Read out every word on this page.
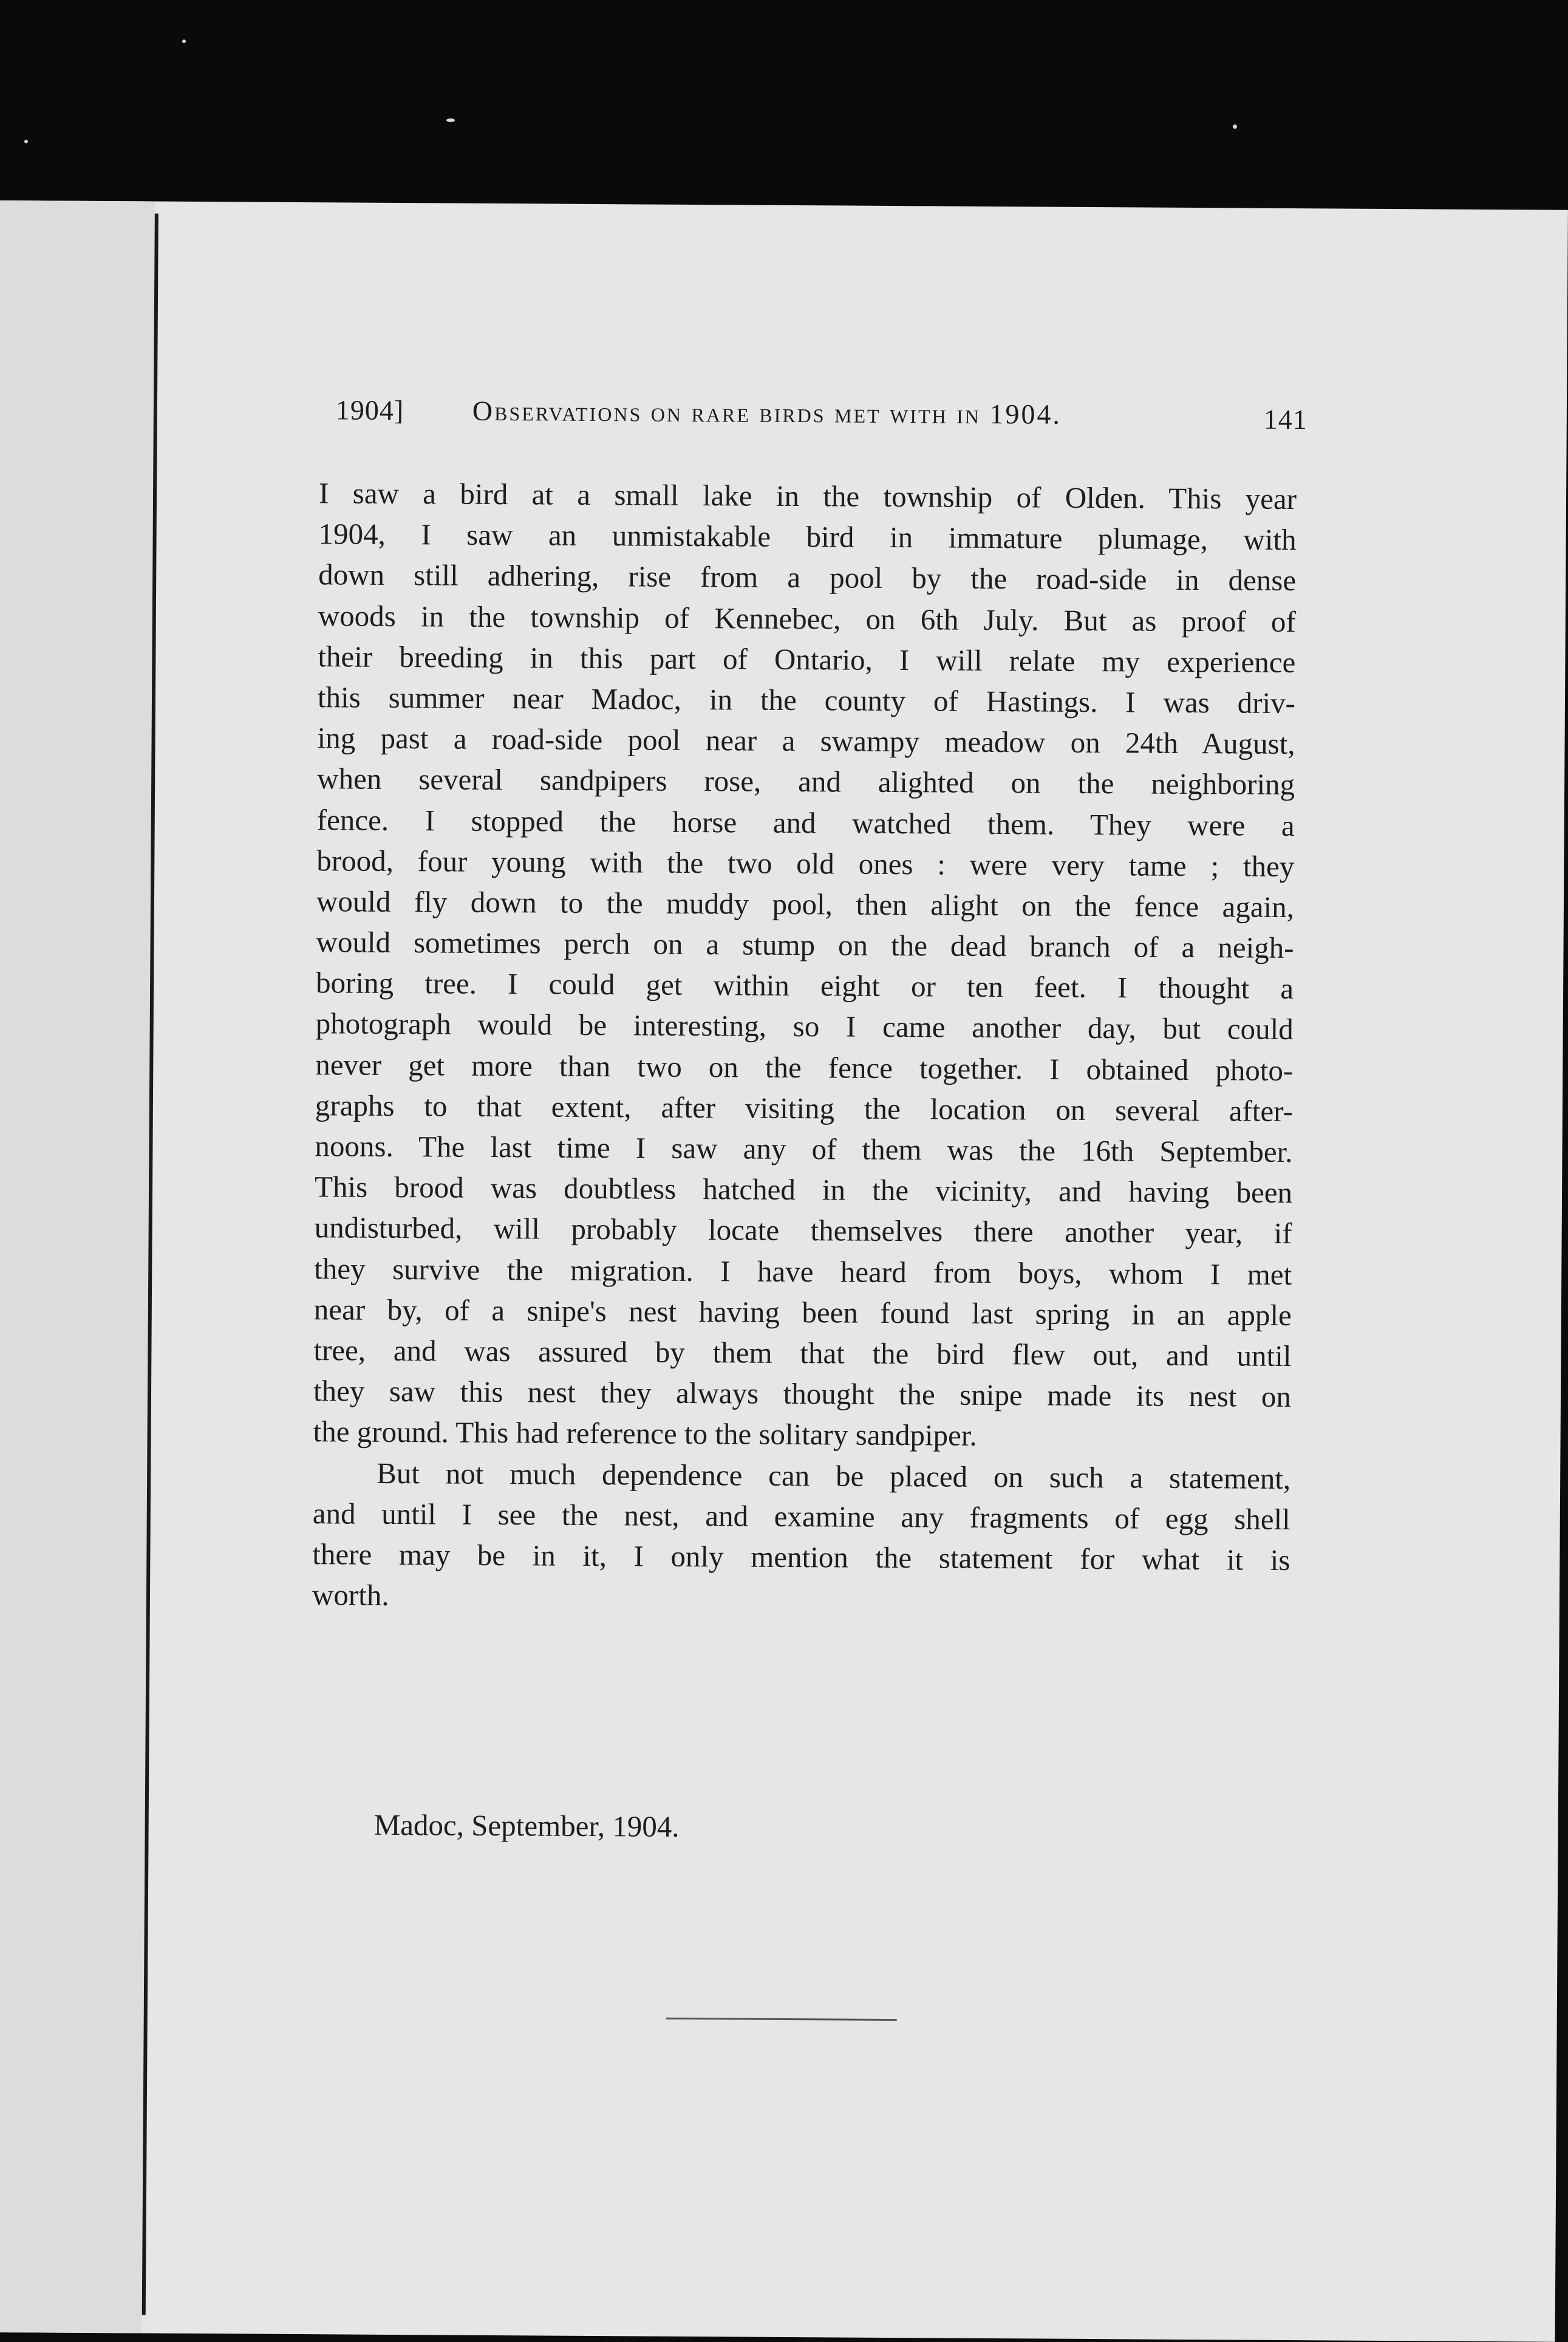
1904] Observations on rare birds met with in 1904.	141
I saw a bird at a small lake in the township of Olden. This year
1904, I saw an unmistakable bird in immature plumage, with
down still adhering, rise from a pool by the road-side in dense
woods in the township of Kennebec, on 6th July. But as proof of
their breeding in this part of Ontario, I will relate my experience
this summer near Madoc, in the county of Hastings. I was driv-
ing past a road-side pool near a swampy meadow on 24th August,
when several sandpipers rose, and alighted on the neighboring
fence. I stopped the horse and watched them. They were a
brood, four young with the two old ones : were very tame ; they
would fly down to the muddy pool, then alight on the fence again,
would sometimes perch on a stump on the dead branch of a neigh-
boring tree. I could get within eight or ten feet. I thought a
photograph would be interesting, so I came another day, but could
never get more than two on the fence together. I obtained photo-
graphs to that extent, after visiting the location on several after-
noons. The last time I saw any of them was the 16th September.
This brood was doubtless hatched in the vicinity, and having been
undisturbed, will probably locate themselves there another year, if
they survive the migration. I have heard from boys, whom I met
near by, of a snipe's nest having been found last spring in an apple
tree, and was assured by them that the bird flew out, and until
they saw this nest they always thought the snipe made its nest on
the ground. This had reference to the solitary sandpiper.
But not much dependence can be placed on such a statement,
and until I see the nest, and examine any fragments of egg shell
there may be in it, I only mention the statement for what it is
worth.
Madoc, September, 1904.
